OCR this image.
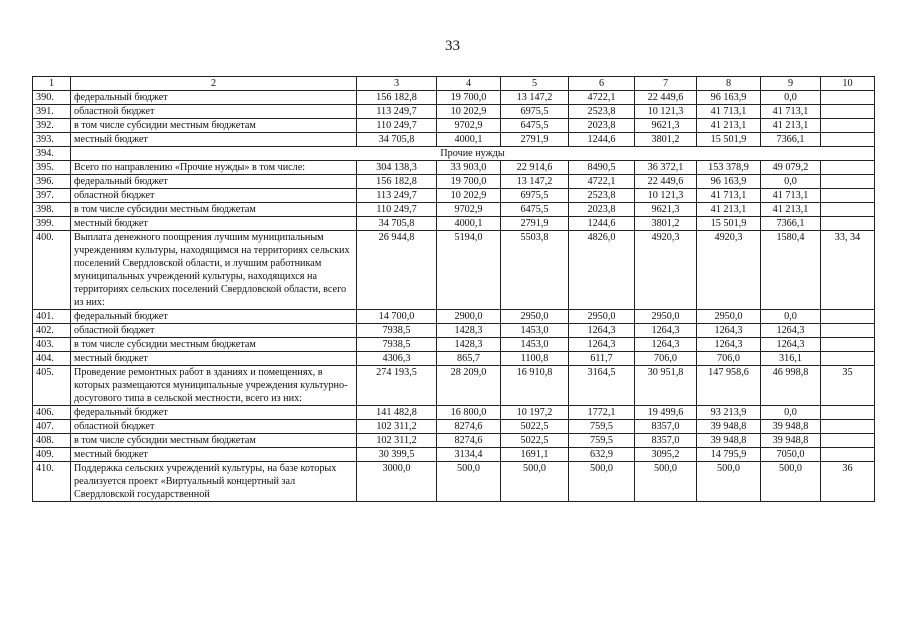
33
1	2	3	4	5	6	7	8	9	10
390.	федеральный бюджет	156 182,8	19 700,0	13 147,2	4722,1	22 449,6	96 163,9	0,0	
391.	областной бюджет	113 249,7	10 202,9	6975,5	2523,8	10 121,3	41 713,1	41 713,1	
392.	в том числе субсидии местным бюджетам	110 249,7	9702,9	6475,5	2023,8	9621,3	41 213,1	41 213,1	
393.	местный бюджет	34 705,8	4000,1	2791,9	1244,6	3801,2	15 501,9	7366,1	
394.	Прочие нужды								
395.	Всего по направлению «Прочие нужды» в том числе:	304 138,3	33 903,0	22 914,6	8490,5	36 372,1	153 378,9	49 079,2	
396.	федеральный бюджет	156 182,8	19 700,0	13 147,2	4722,1	22 449,6	96 163,9	0,0	
397.	областной бюджет	113 249,7	10 202,9	6975,5	2523,8	10 121,3	41 713,1	41 713,1	
398.	в том числе субсидии местным бюджетам	110 249,7	9702,9	6475,5	2023,8	9621,3	41 213,1	41 213,1	
399.	местный бюджет	34 705,8	4000,1	2791,9	1244,6	3801,2	15 501,9	7366,1	
400.	Выплата денежного поощрения лучшим муниципальным учреждениям культуры, находящимся на территориях сельских поселений Свердловской области, и лучшим работникам муниципальных учреждений культуры, находящихся на территориях сельских поселений Свердловской области, всего из них:	26 944,8	5194,0	5503,8	4826,0	4920,3	4920,3	1580,4	33, 34
401.	федеральный бюджет	14 700,0	2900,0	2950,0	2950,0	2950,0	2950,0	0,0	
402.	областной бюджет	7938,5	1428,3	1453,0	1264,3	1264,3	1264,3	1264,3	
403.	в том числе субсидии местным бюджетам	7938,5	1428,3	1453,0	1264,3	1264,3	1264,3	1264,3	
404.	местный бюджет	4306,3	865,7	1100,8	611,7	706,0	706,0	316,1	
405.	Проведение ремонтных работ в зданиях и помещениях, в которых размещаются муниципальные учреждения культурно-досугового типа в сельской местности, всего из них:	274 193,5	28 209,0	16 910,8	3164,5	30 951,8	147 958,6	46 998,8	35
406.	федеральный бюджет	141 482,8	16 800,0	10 197,2	1772,1	19 499,6	93 213,9	0,0	
407.	областной бюджет	102 311,2	8274,6	5022,5	759,5	8357,0	39 948,8	39 948,8	
408.	в том числе субсидии местным бюджетам	102 311,2	8274,6	5022,5	759,5	8357,0	39 948,8	39 948,8	
409.	местный бюджет	30 399,5	3134,4	1691,1	632,9	3095,2	14 795,9	7050,0	
410.	Поддержка сельских учреждений культуры, на базе которых реализуется проект «Виртуальный концертный зал Свердловской государственной	3000,0	500,0	500,0	500,0	500,0	500,0	500,0	36
